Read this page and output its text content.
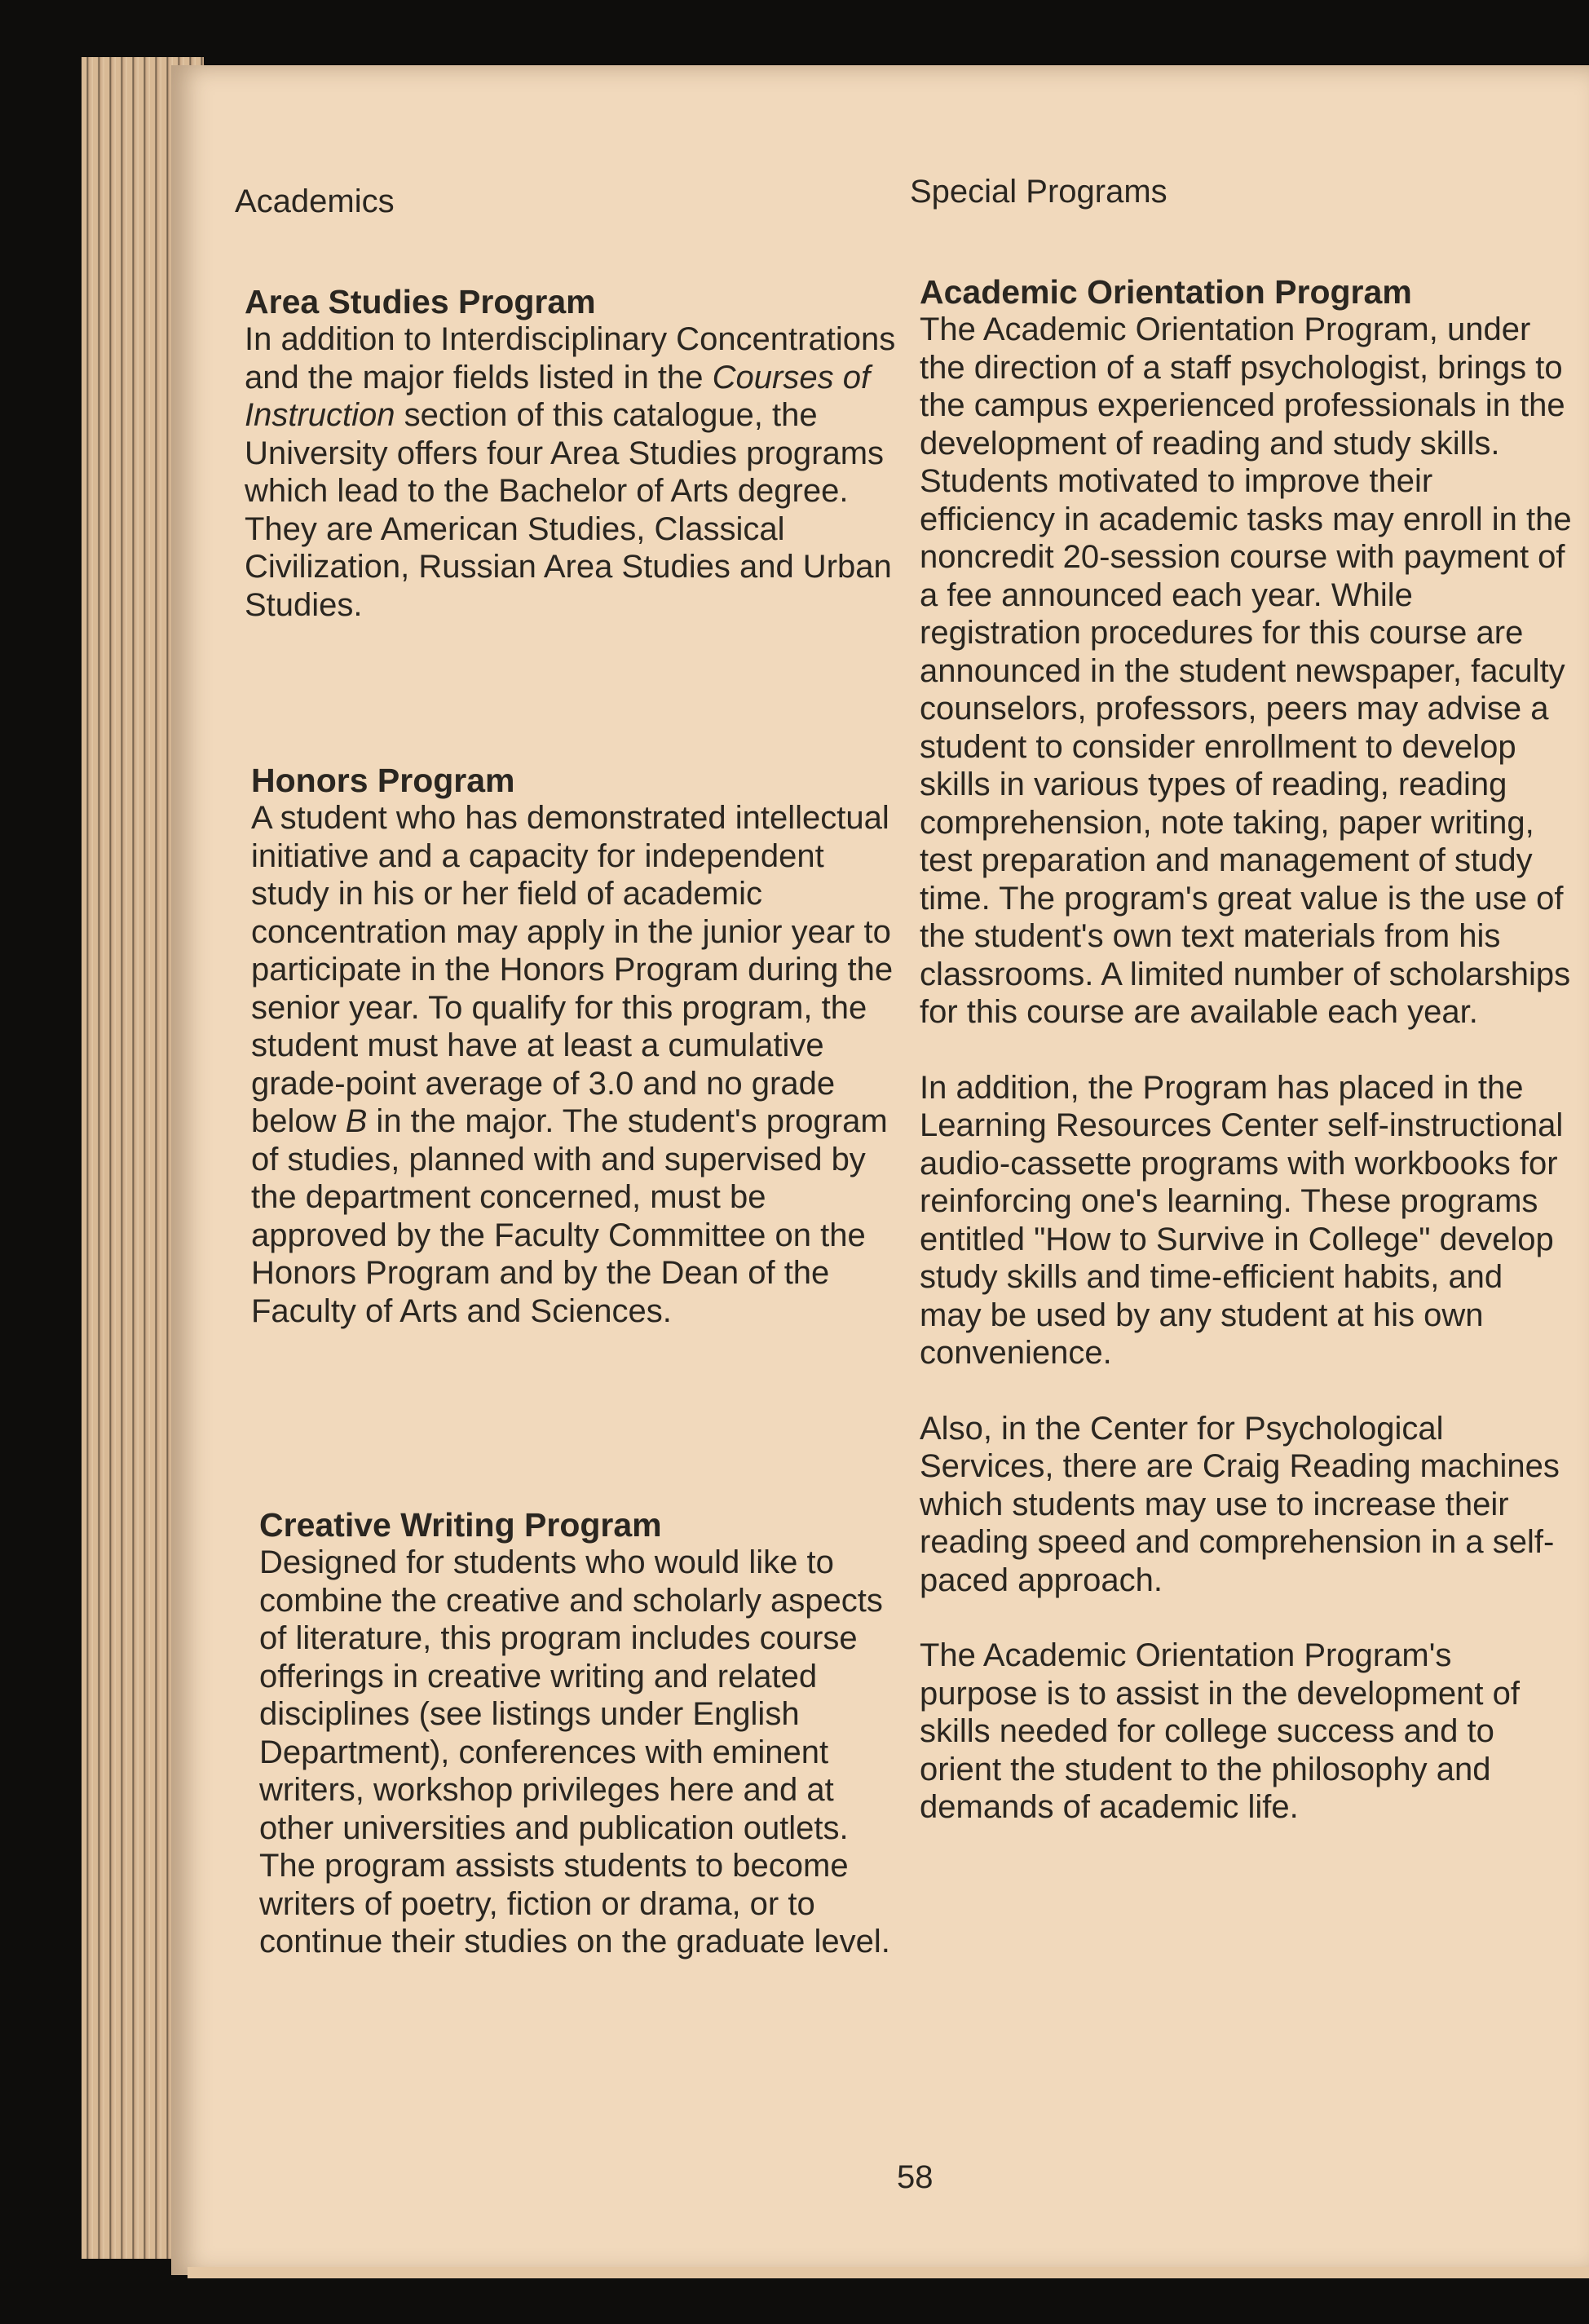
Academics	Special Programs
Area Studies Program

In addition to Interdisciplinary Concentrations and the major fields listed in the Courses of Instruction section of this catalogue, the University offers four Area Studies programs which lead to the Bachelor of Arts degree. They are American Studies, Classical Civilization, Russian Area Studies and Urban Studies.

Honors Program

A student who has demonstrated intellectual initiative and a capacity for independent study in his or her field of academic concentration may apply in the junior year to participate in the Honors Program during the senior year. To qualify for this program, the student must have at least a cumulative grade-point average of 3.0 and no grade below B in the major. The student's program of studies, planned with and supervised by the department concerned, must be approved by the Faculty Committee on the Honors Program and by the Dean of the Faculty of Arts and Sciences.

Creative Writing Program

Designed for students who would like to combine the creative and scholarly aspects of literature, this program includes course offerings in creative writing and related disciplines (see listings under English Department), conferences with eminent writers, workshop privileges here and at other universities and publication outlets. The program assists students to become writers of poetry, fiction or drama, or to continue their studies on the graduate level.

Academic Orientation Program

The Academic Orientation Program, under the direction of a staff psychologist, brings to the campus experienced professionals in the development of reading and study skills. Students motivated to improve their efficiency in academic tasks may enroll in the noncredit 20-session course with payment of a fee announced each year. While registration procedures for this course are announced in the student newspaper, faculty counselors, professors, peers may advise a student to consider enrollment to develop skills in various types of reading, reading comprehension, note taking, paper writing, test preparation and management of study time. The program's great value is the use of the student's own text materials from his classrooms. A limited number of scholarships for this course are available each year.

In addition, the Program has placed in the Learning Resources Center self-instructional audio-cassette programs with workbooks for reinforcing one's learning. These programs entitled "How to Survive in College" develop study skills and time-efficient habits, and may be used by any student at his own convenience.

Also, in the Center for Psychological Services, there are Craig Reading machines which students may use to increase their reading speed and comprehension in a self-paced approach.

The Academic Orientation Program's purpose is to assist in the development of skills needed for college success and to orient the student to the philosophy and demands of academic life.

58
